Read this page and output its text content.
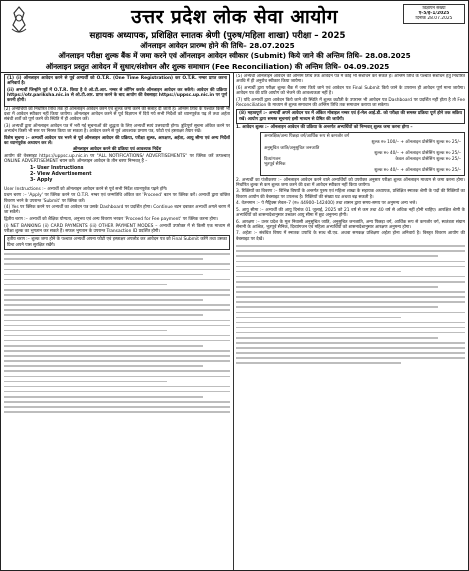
विज्ञापन संख्या
ए–5/ई–1/2025
दिनांक 28.07.2025
उत्तर प्रदेश लोक सेवा आयोग
सहायक अध्यापक, प्रशिक्षित स्नातक श्रेणी (पुरुष/महिला शाखा) परीक्षा – 2025
ऑनलाइन आवेदन प्रारम्भ होने की तिथि– 28.07.2025
ऑनलाइन परीक्षा शुल्क बैंक में जमा करने एवं ऑनलाइन आवेदन स्वीकार (Submit) किये जाने की अन्तिम तिथि– 28.08.2025
ऑनलाइन प्रस्तुत आवेदन में सुधार/संशोधन और शुल्क समाधान (Fee Reconciliation) की अन्तिम तिथि– 04.09.2025
(1) (i) ऑनलाइन आवेदन करने से पूर्व अभ्यर्थी को O.T.R. (One Time Registration) कर O.T.R. नम्बर प्राप्त करना अनिवार्य है।
(ii) अभ्यर्थी जिन्होंने पूर्व में O.T.R. किया है वे ओ.टी.आर. नम्बर से लॉगिन करके ऑनलाइन आवेदन कर सकेंगे। आवेदन की प्रक्रिया https://otr.pariksha.nic.in से ओ.टी.आर. प्राप्त करने के बाद आयोग की वेबसाइट https://uppsc.up.nic.in पर पूर्ण करनी होगी।
(2) अभ्यर्थियों को निर्धारित तिथि तक ही ऑनलाइन आवेदन करने एवं शुल्क जमा करने की सलाह दी जाती है। अन्तिम तिथि के पश्चात किसी भी दशा में आवेदन स्वीकार नहीं किया जायेगा। ऑनलाइन आवेदन करने से पूर्व विज्ञापन में दिये गये सभी निर्देशों को ध्यानपूर्वक पढ़ लें तथा अर्हता संबंधी शर्तों को पूर्ण करने की स्थिति में ही आवेदन करें।
(3) अभ्यर्थी द्वारा ऑनलाइन आवेदन पत्र में भरी गई सूचनाओं की शुद्धता के लिए अभ्यर्थी स्वयं उत्तरदायी होगा। त्रुटिपूर्ण सूचना अंकित करने पर अभ्यर्थन किसी भी स्तर पर निरस्त किया जा सकता है। आवेदन करने से पूर्व आवश्यक प्रमाण पत्र, फोटो एवं हस्ताक्षर तैयार रखें।
विशेष सूचना :– अभ्यर्थी आवेदन पत्र भरने से पूर्व ऑनलाइन आवेदन की प्रक्रिया, परीक्षा शुल्क, आरक्षण, अर्हता, आयु सीमा एवं अन्य निर्देशों का ध्यानपूर्वक अध्ययन कर लें।
ऑनलाइन आवेदन करने की प्रक्रिया एवं आवश्यक निर्देश
आयोग की वेबसाइट https://uppsc.up.nic.in पर "ALL NOTIFICATIONS/ ADVERTISEMENTS" पर क्लिक करें तत्पश्चात् ONLINE ADVERTISEMENT चयन करें। ऑनलाइन आवेदन के तीन चरण निम्नवत् हैं –
1- User Instructions
2- View Advertisement
3- Apply
User Instructions :– अभ्यर्थी को ऑनलाइन आवेदन करने से पूर्व सभी निर्देश ध्यानपूर्वक पढ़ने होंगे।
प्रथम चरण :– 'Apply' पर क्लिक करने पर O.T.R. नम्बर एवं जन्मतिथि अंकित कर 'Proceed' बटन पर क्लिक करें। अभ्यर्थी द्वारा वांछित विवरण भरने के उपरान्त 'Submit' पर क्लिक करें।
(4) Yes पर क्लिक करने पर अभ्यर्थी का आवेदन पत्र उसके Dashboard पर प्रदर्शित होगा। Continue बटन दबाकर अभ्यर्थी अगले चरण में जा सकेंगे।
द्वितीय चरण :– अभ्यर्थी को शैक्षिक योग्यता, अनुभव एवं अन्य विवरण भरकर 'Proceed for Fee payment' पर क्लिक करना होगा।
(i) NET BANKING (ii) CARD PAYMENTS (iii) OTHER PAYMENT MODES – अभ्यर्थी उपरोक्त में से किसी एक माध्यम से परीक्षा शुल्क का भुगतान कर सकते हैं। सफल भुगतान के उपरान्त Transaction ID प्रदर्शित होगी।
तृतीय चरण :– शुल्क जमा होने के पश्चात अभ्यर्थी अपना फोटो एवं हस्ताक्षर अपलोड कर आवेदन पत्र को Final Submit करेंगे तथा उसका प्रिन्ट अपने पास सुरक्षित रखेंगे।
(5) अभ्यर्थी ऑनलाइन आवेदन की अन्तिम तिथि तक आवेदन पत्र में कोई भी संशोधन कर सकते हैं। अन्तिम तिथि के पश्चात संशोधन हेतु निर्धारित अवधि में ही अनुरोध स्वीकार किया जायेगा।
(6) अभ्यर्थी द्वारा परीक्षा शुल्क बैंक में जमा किये जाने एवं आवेदन पत्र Final Submit किये जाने के उपरान्त ही आवेदन पूर्ण माना जायेगा। आवेदन पत्र की प्रति आयोग को भेजने की आवश्यकता नहीं है।
(7) यदि अभ्यर्थी द्वारा आवेदन किये जाने की स्थिति में शुल्क कटौती के उपरान्त भी आवेदन पत्र Dashboard पर प्रदर्शित नहीं होता है तो Fee Reconciliation के माध्यम से शुल्क समाधान की अन्तिम तिथि तक समाधान कराया जा सकेगा।
(8) महत्वपूर्ण :– अभ्यर्थी अपने आवेदन पत्र में अंकित मोबाइल नम्बर एवं ई-मेल आई.डी. को परीक्षा की समस्त प्रक्रिया पूर्ण होने तक सक्रिय रखें। आयोग द्वारा समस्त सूचनाएं इसी माध्यम से प्रेषित की जायेंगी।
1. आवेदन शुल्क :– ऑनलाइन आवेदन की प्रक्रिया के अन्तर्गत अभ्यर्थियों को निम्नवत् शुल्क जमा करना होगा –
अनारक्षित/अन्य पिछड़ा वर्ग/आर्थिक रूप से कमजोर वर्ग
शुल्क रु० 100/– + ऑनलाइन प्रोसेसिंग शुल्क रु० 25/–
अनुसूचित जाति/अनुसूचित जनजाति
शुल्क रु० 40/– + ऑनलाइन प्रोसेसिंग शुल्क रु० 25/–
दिव्यांगजन	केवल ऑनलाइन प्रोसेसिंग शुल्क रु० 25/–
भूतपूर्व सैनिक
शुल्क रु० 40/– + ऑनलाइन प्रोसेसिंग शुल्क रु० 25/–
2. अभ्यर्थी का पंजीकरण :– ऑनलाइन आवेदन करने वाले अभ्यर्थियों को उपरोक्त अनुसार परीक्षा शुल्क ऑनलाइन माध्यम से जमा करना होगा। निर्धारित शुल्क से कम शुल्क जमा करने की दशा में आवेदन स्वीकार नहीं किया जायेगा।
3. रिक्तियों का विवरण :– विभिन्न विषयों के अन्तर्गत पुरुष एवं महिला शाखा के सहायक अध्यापक, प्रशिक्षित स्नातक श्रेणी के पदों की रिक्तियों का विवरण आयोग की वेबसाइट पर उपलब्ध है। रिक्तियों की संख्या घट अथवा बढ़ सकती है।
4. वेतनमान :– पे मैट्रिक्स लेवल–7 (रु० 44900–142400) तथा शासन द्वारा समय-समय पर अनुमन्य अन्य भत्ते।
5. आयु सीमा :– अभ्यर्थी की आयु दिनांक 01 जुलाई, 2025 को 21 वर्ष से कम तथा 40 वर्ष से अधिक नहीं होनी चाहिए। आरक्षित श्रेणी के अभ्यर्थियों को शासनादेशानुसार उच्चतर आयु सीमा में छूट अनुमन्य होगी।
6. आरक्षण :– उत्तर प्रदेश के मूल निवासी अनुसूचित जाति, अनुसूचित जनजाति, अन्य पिछड़ा वर्ग, आर्थिक रूप से कमजोर वर्ग, स्वतंत्रता संग्राम सेनानी के आश्रित, भूतपूर्व सैनिक, दिव्यांगजन एवं महिला अभ्यर्थियों को शासनादेशानुसार आरक्षण अनुमन्य होगा।
7. अर्हता :– संबंधित विषय में स्नातक उपाधि के साथ बी.एड. अथवा समकक्ष प्रशिक्षण अर्हता होना अनिवार्य है। विस्तृत विवरण आयोग की वेबसाइट पर देखें।
